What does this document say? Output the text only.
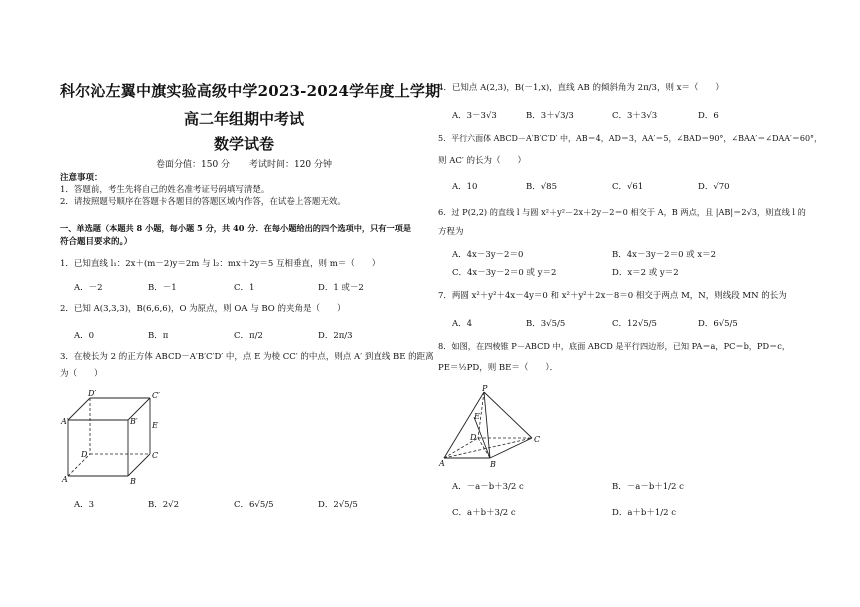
科尔沁左翼中旗实验高级中学2023-2024学年度上学期
高二年组期中考试
数学试卷
卷面分值：150 分 考试时间：120 分钟
注意事项：
1．答题前，考生先将自己的姓名准考证号码填写清楚。
2．请按照题号顺序在答题卡各题目的答题区域内作答，在试卷上答题无效。
一、单选题（本题共 8 小题，每小题 5 分，共 40 分．在每小题给出的四个选项中，只有一项是
符合题目要求的。）
1．已知直线 l₁：2x＋(m－2)y＝2m 与 l₂：mx＋2y＝5 互相垂直，则 m＝（　　）
A．－2	B．－1	C．1	D．1 或－2
2．已知 A(3,3,3)，B(6,6,6)，O 为原点，则 OA 与 BO 的夹角是（　　）
A．0	B．π	C．π/2	D．2π/3
3．在棱长为 2 的正方体 ABCD－A′B′C′D′ 中，点 E 为棱 CC′ 的中点，则点 A′ 到直线 BE 的距离
为（　　）
A′
D′	C′
B′ E
D	C
A	B
A．3	B．2√2	C．6√5/5	D．2√5/5
4．已知点 A(2,3)，B(－1,x)，直线 AB 的倾斜角为 2π/3，则 x＝（　　）
A．3－3√3	B．3＋√3/3	C．3＋3√3	D．6
5．平行六面体 ABCD－A′B′C′D′ 中，AB＝4，AD＝3，AA′＝5，∠BAD＝90°，∠BAA′＝∠DAA′＝60°，
则 AC′ 的长为（　　）
A．10	B．√85	C．√61	D．√70
6．过 P(2,2) 的直线 l 与圆 x²＋y²－2x＋2y－2＝0 相交于 A，B 两点，且 |AB|＝2√3，则直线 l 的
方程为
A．4x－3y－2＝0	B．4x－3y－2＝0 或 x＝2
C．4x－3y－2＝0 或 y＝2	D．x＝2 或 y＝2
7．两圆 x²＋y²＋4x－4y＝0 和 x²＋y²＋2x－8＝0 相交于两点 M，N，则线段 MN 的长为
A．4	B．3√5/5	C．12√5/5	D．6√5/5
8．如图，在四棱锥 P－ABCD 中，底面 ABCD 是平行四边形，已知 PA＝a，PC＝b，PD＝c，
PE＝½PD，则 BE＝（　　）．
P
E
D	C
A	B
A．－a－b＋3/2 c	B．－a－b＋1/2 c
C．a＋b＋3/2 c	D．a＋b＋1/2 c
